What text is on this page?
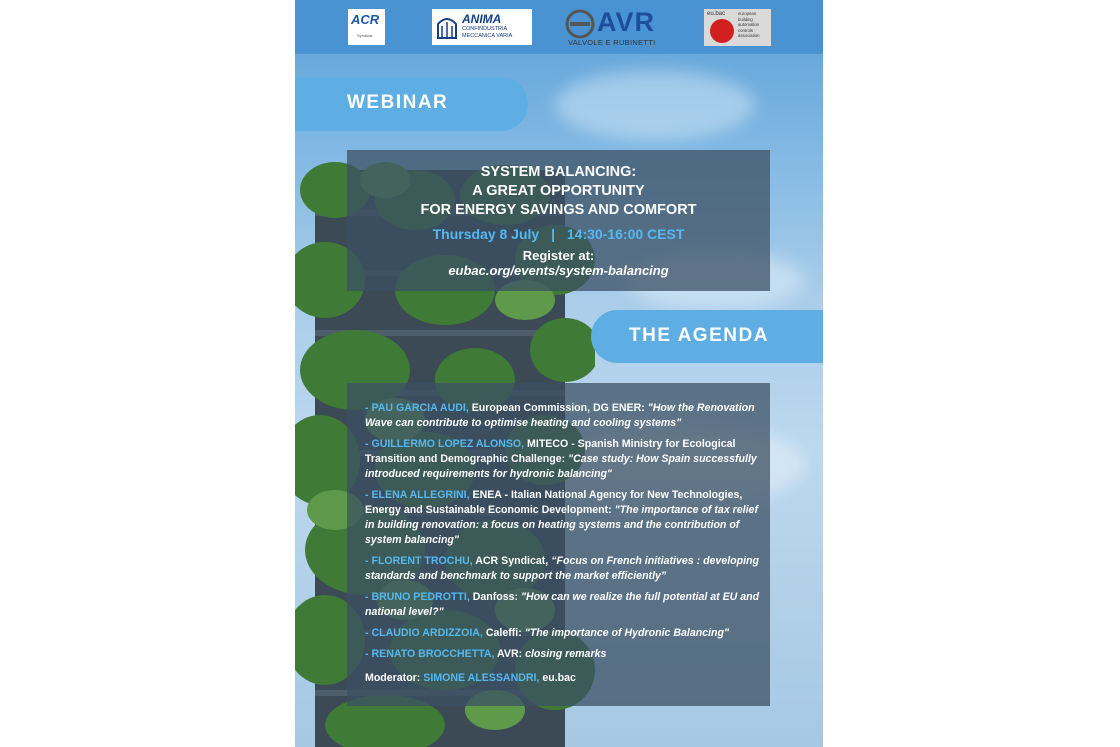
ACR
Syndicat
ANIMA
CONFINDUSTRIA
MECCANICA VARIA	AVR
VALVOLE E RUBINETTI
eu.bac	european
building
automation
controls
association
WEBINAR
SYSTEM BALANCING:
A GREAT OPPORTUNITY
FOR ENERGY SAVINGS AND COMFORT
Thursday 8 July | 14:30-16:00 CEST
Register at:
eubac.org/events/system-balancing
THE AGENDA
- PAU GARCIA AUDI, European Commission, DG ENER: "How the Renovation Wave can contribute to optimise heating and cooling systems"
- GUILLERMO LOPEZ ALONSO, MITECO - Spanish Ministry for Ecological Transition and Demographic Challenge: "Case study: How Spain successfully introduced requirements for hydronic balancing"
- ELENA ALLEGRINI, ENEA - Italian National Agency for New Technologies, Energy and Sustainable Economic Development: "The importance of tax relief in building renovation: a focus on heating systems and the contribution of system balancing"
- FLORENT TROCHU, ACR Syndicat, “Focus on French initiatives : developing standards and benchmark to support the market efficiently”
- BRUNO PEDROTTI, Danfoss: "How can we realize the full potential at EU and national level?"
- CLAUDIO ARDIZZOIA, Caleffi: "The importance of Hydronic Balancing"
- RENATO BROCCHETTA, AVR: closing remarks
Moderator: SIMONE ALESSANDRI, eu.bac
